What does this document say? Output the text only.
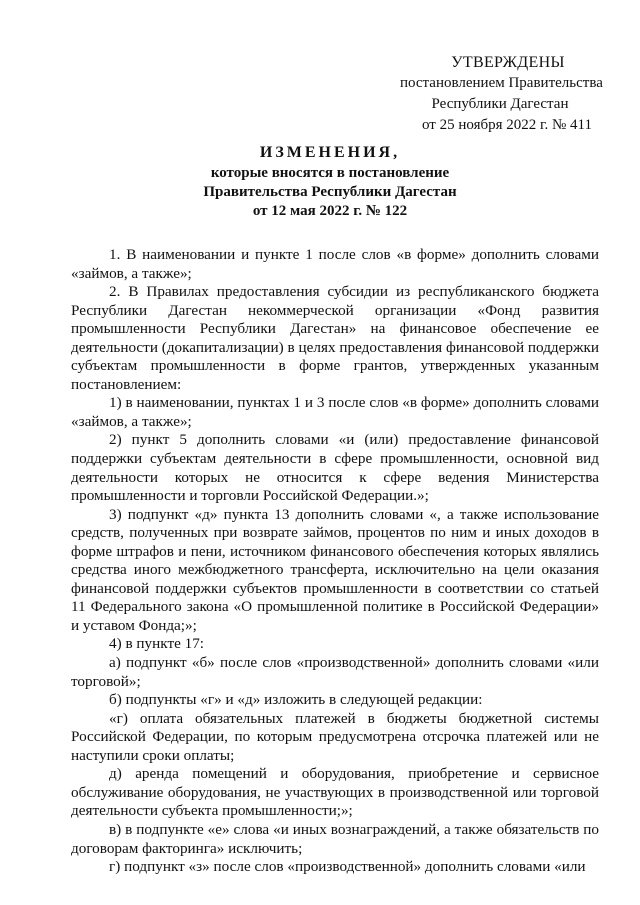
УТВЕРЖДЕНЫ
постановлением Правительства
Республики Дагестан
от 25 ноября 2022 г. № 411
ИЗМЕНЕНИЯ,
которые вносятся в постановление
Правительства Республики Дагестан
от 12 мая 2022 г. № 122

1. В наименовании и пункте 1 после слов «в форме» дополнить словами «займов, а также»;

2. В Правилах предоставления субсидии из республиканского бюджета Республики Дагестан некоммерческой организации «Фонд развития промышленности Республики Дагестан» на финансовое обеспечение ее деятельности (докапитализации) в целях предоставления финансовой поддержки субъектам промышленности в форме грантов, утвержденных указанным постановлением:

1) в наименовании, пунктах 1 и 3 после слов «в форме» дополнить словами «займов, а также»;

2) пункт 5 дополнить словами «и (или) предоставление финансовой поддержки субъектам деятельности в сфере промышленности, основной вид деятельности которых не относится к сфере ведения Министерства промышленности и торговли Российской Федерации.»;

3) подпункт «д» пункта 13 дополнить словами «, а также использование средств, полученных при возврате займов, процентов по ним и иных доходов в форме штрафов и пени, источником финансового обеспечения которых являлись средства иного межбюджетного трансферта, исключительно на цели оказания финансовой поддержки субъектов промышленности в соответствии со статьей 11 Федерального закона «О промышленной политике в Российской Федерации» и уставом Фонда;»;

4) в пункте 17:

а) подпункт «б» после слов «производственной» дополнить словами «или торговой»;

б) подпункты «г» и «д» изложить в следующей редакции:

«г) оплата обязательных платежей в бюджеты бюджетной системы Российской Федерации, по которым предусмотрена отсрочка платежей или не наступили сроки оплаты;

д) аренда помещений и оборудования, приобретение и сервисное обслуживание оборудования, не участвующих в производственной или торговой деятельности субъекта промышленности;»;

в) в подпункте «е» слова «и иных вознаграждений, а также обязательств по договорам факторинга» исключить;

г) подпункт «з» после слов «производственной» дополнить словами «или
